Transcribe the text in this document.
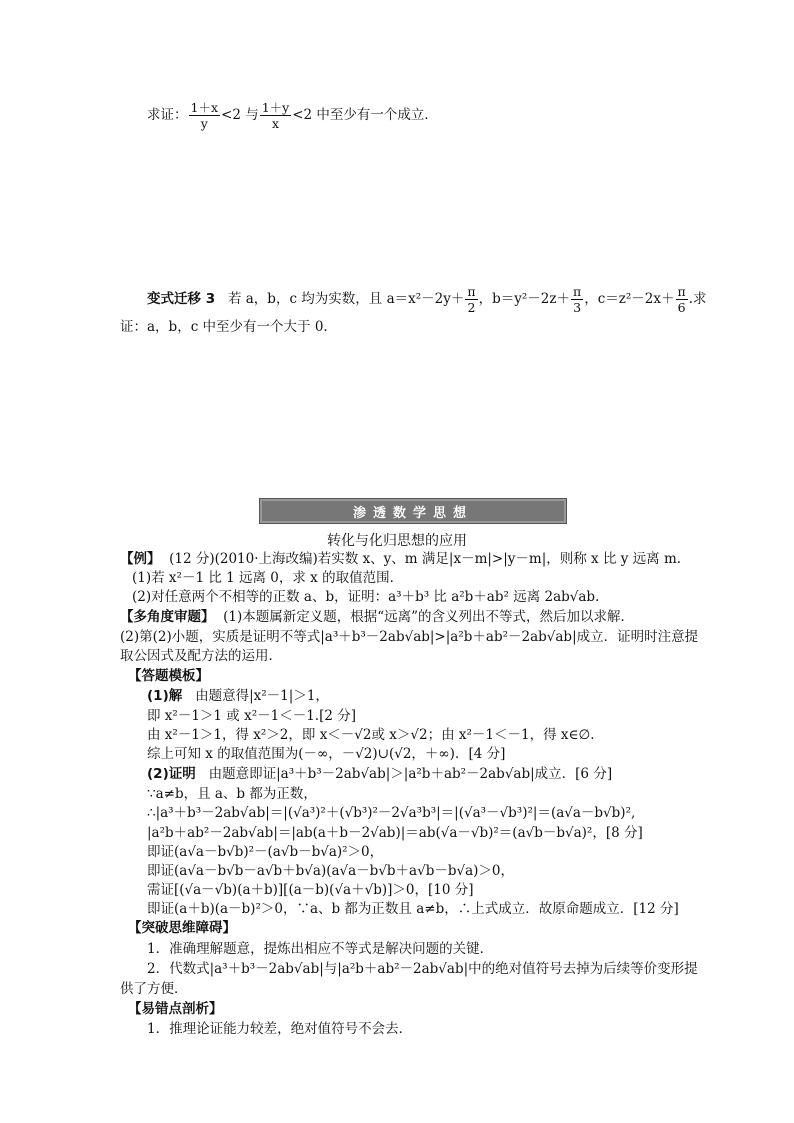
求证： $\frac{1+x}{y} <2$ 与 $\frac{1+y}{x} <2$ 中至少有一个成立．
变式迁移 3 若 a，b，c 均为实数，且 $a=x^2-2y+ \frac{\pi}{2}$ ，$b=y^2-2z+ \frac{\pi}{3}$ ，$c=z^2-2x+ \frac{\pi}{6}$ .求
证：a，b，c 中至少有一个大于 0.
渗透数学思想
转化与化归思想的应用
【例】 (12 分)(2010·上海改编)若实数 x、y、m 满足|x－m|>|y－m|，则称 x 比 y 远离 m.
(1)若 x²－1 比 1 远离 0，求 x 的取值范围．
(2)对任意两个不相等的正数 a、b，证明：a³＋b³ 比 a²b＋ab² 远离 2ab√ab.
【多角度审题】 (1)本题属新定义题，根据“远离”的含义列出不等式，然后加以求解．
(2)第(2)小题，实质是证明不等式|a³＋b³－2ab√ab|>|a²b＋ab²－2ab√ab|成立．证明时注意提
取公因式及配方法的运用．
【答题模板】
(1)解 由题意得|x²－1|＞1，
即 x²－1＞1 或 x²－1＜－1.[2 分]
由 x²－1＞1，得 x²＞2，即 x＜－√2或 x＞√2；由 x²－1＜－1，得 x∈∅.
综上可知 x 的取值范围为(－∞，－√2)∪(√2，＋∞)．[4 分]
(2)证明 由题意即证|a³＋b³－2ab√ab|＞|a²b＋ab²－2ab√ab|成立．[6 分]
∵a≠b，且 a、b 都为正数，
∴|a³＋b³－2ab√ab|＝|(√a³)²＋(√b³)²－2√a³b³|＝|(√a³－√b³)²|＝(a√a－b√b)²,
|a²b＋ab²－2ab√ab|＝|ab(a＋b－2√ab)|＝ab(√a－√b)²＝(a√b－b√a)²，[8 分]
即证(a√a－b√b)²－(a√b－b√a)²＞0，
即证(a√a－b√b－a√b＋b√a)(a√a－b√b＋a√b－b√a)＞0，
需证[(√a－√b)(a＋b)][(a－b)(√a＋√b)]＞0，[10 分]
即证(a＋b)(a－b)²＞0，∵a、b 都为正数且 a≠b，∴上式成立．故原命题成立．[12 分]
【突破思维障碍】
1．准确理解题意，提炼出相应不等式是解决问题的关键．
2．代数式|a³＋b³－2ab√ab|与|a²b＋ab²－2ab√ab|中的绝对值符号去掉为后续等价变形提
供了方便．
【易错点剖析】
1．推理论证能力较差，绝对值符号不会去．
